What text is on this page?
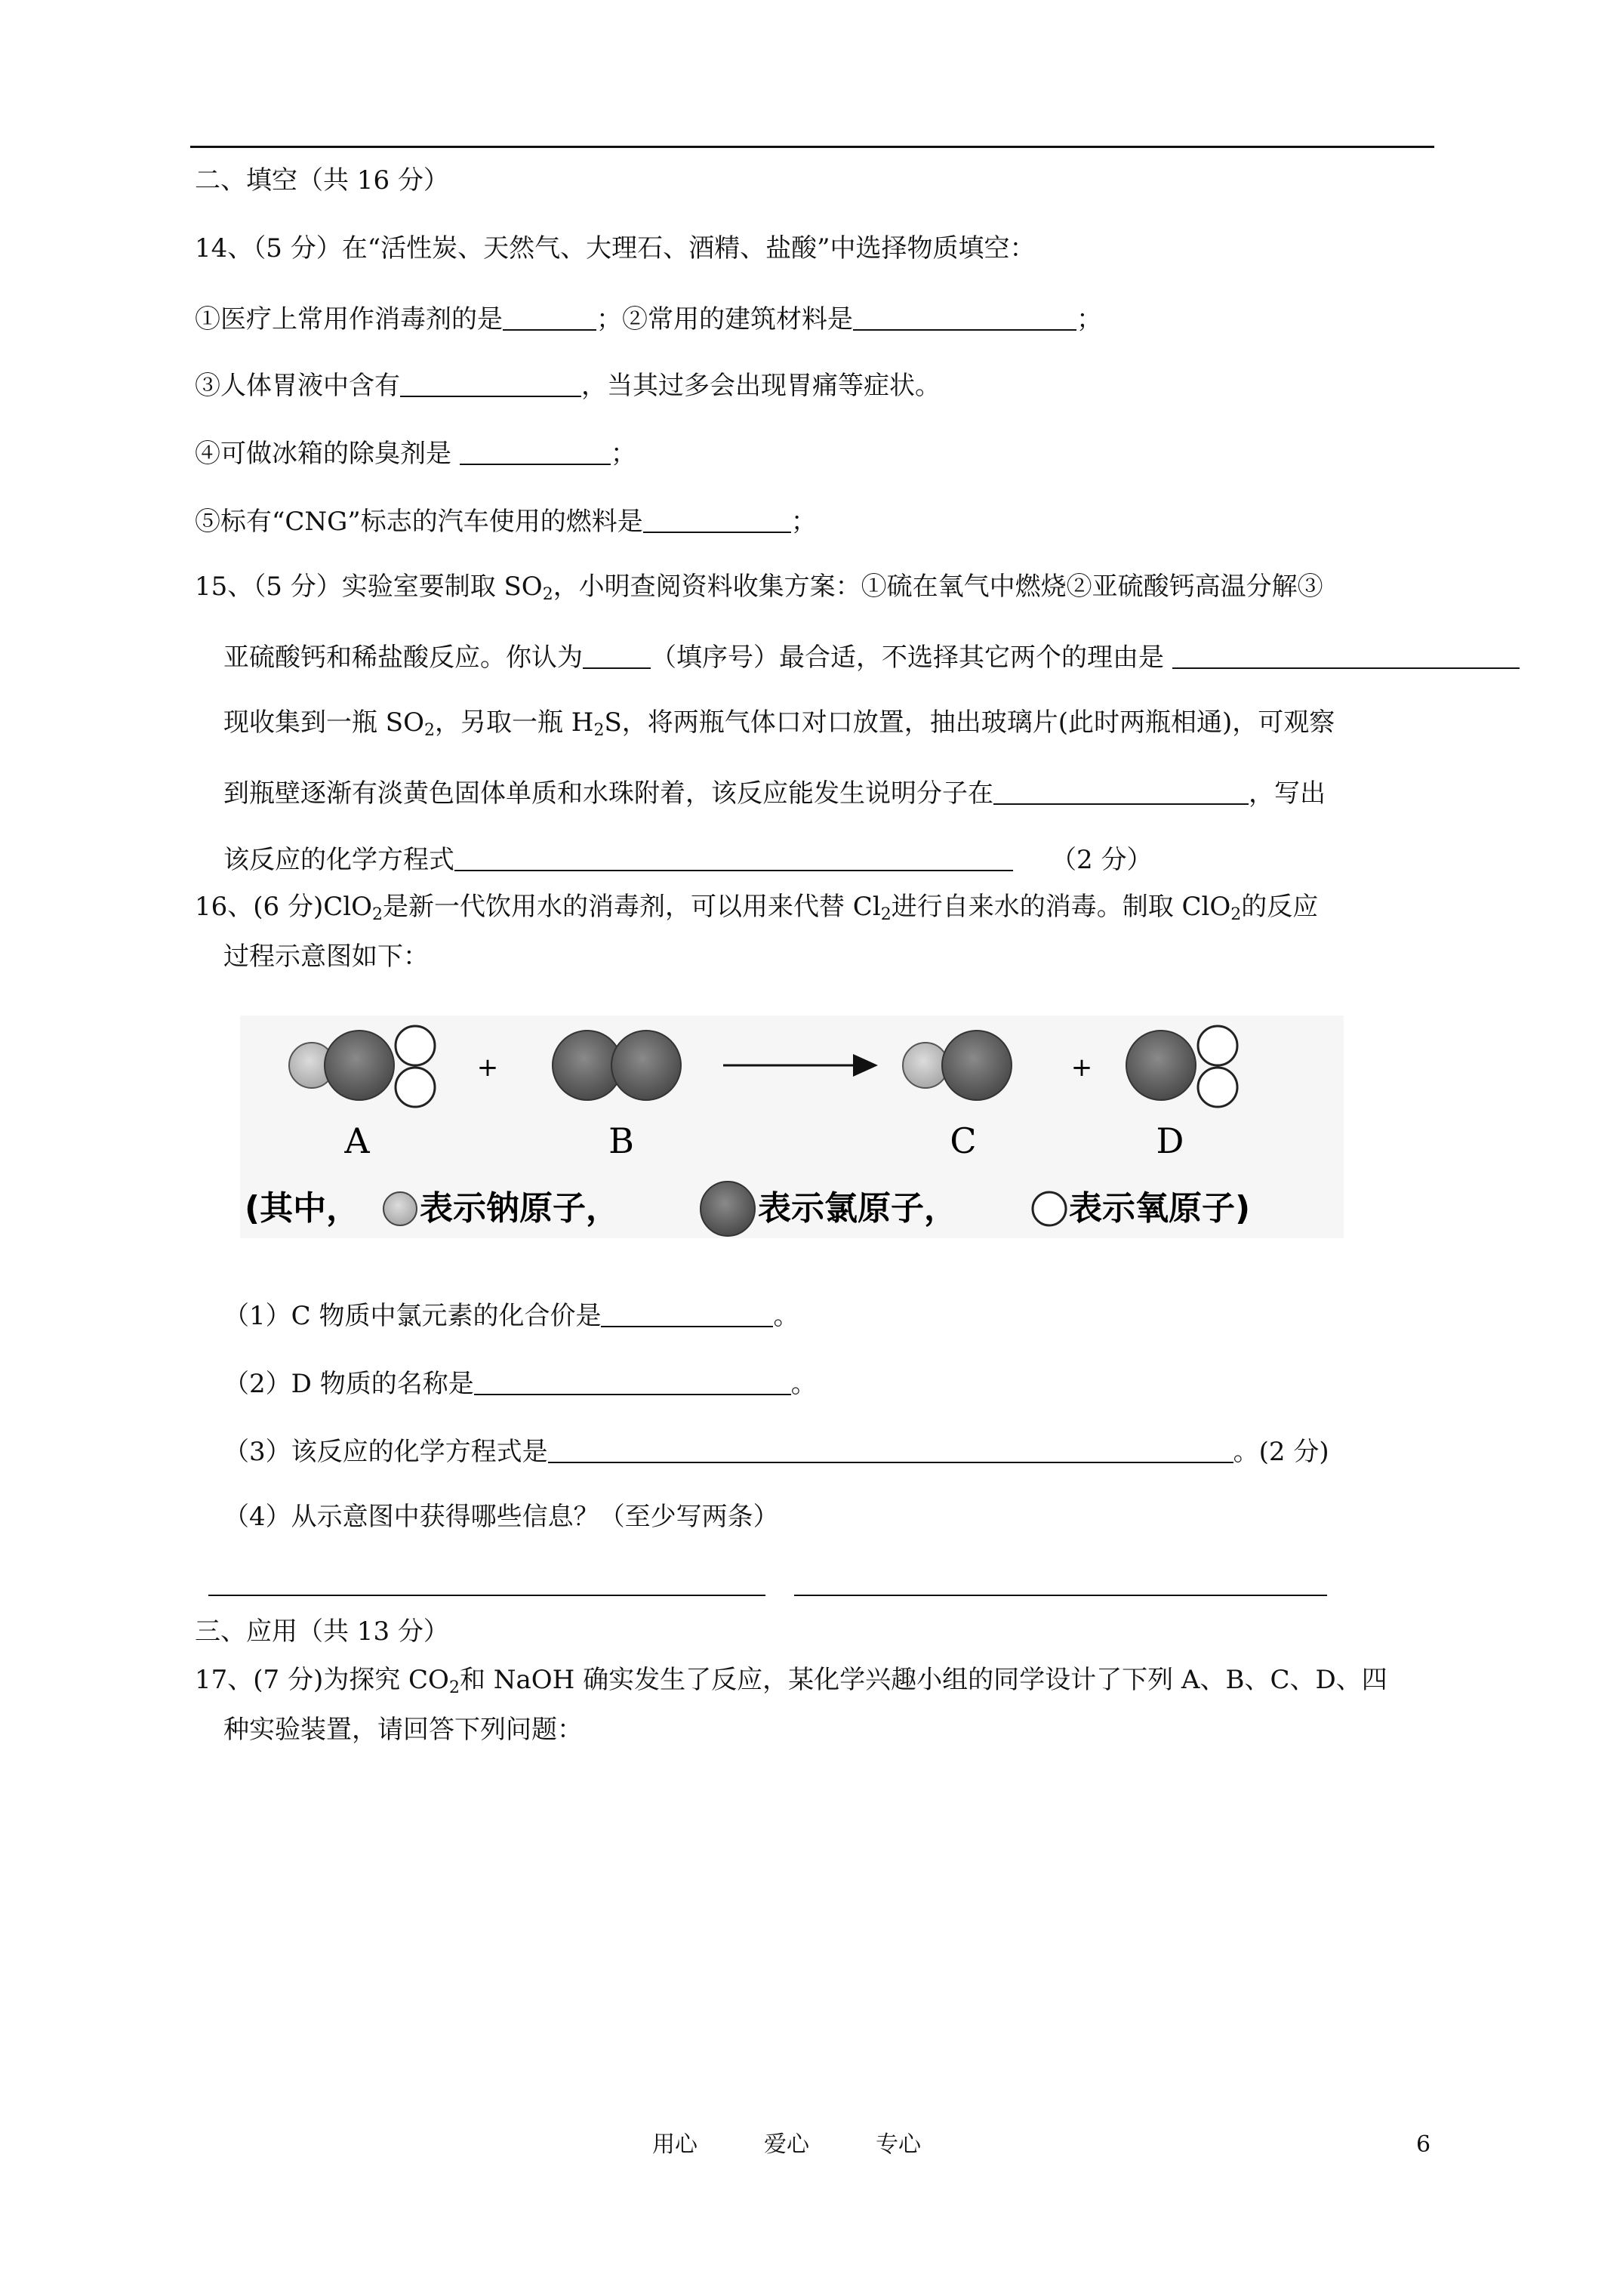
二、填空（共 16 分）
14、（5 分）在“活性炭、天然气、大理石、酒精、盐酸”中选择物质填空：
①医疗上常用作消毒剂的是	；②常用的建筑材料是	；
③人体胃液中含有	，当其过多会出现胃痛等症状。
④可做冰箱的除臭剂是	；
⑤标有“CNG”标志的汽车使用的燃料是	；
15、（5 分）实验室要制取 $SO_2$，小明查阅资料收集方案：①硫在氧气中燃烧②亚硫酸钙高温分解③
亚硫酸钙和稀盐酸反应。你认为	（填序号）最合适，不选择其它两个的理由是
现收集到一瓶 $SO_2$，另取一瓶 $H_2S$，将两瓶气体口对口放置，抽出玻璃片(此时两瓶相通)，可观察
到瓶壁逐渐有淡黄色固体单质和水珠附着，该反应能发生说明分子在	，写出
该反应的化学方程式	（2 分）
16、(6 分)ClO$_2$是新一代饮用水的消毒剂，可以用来代替 $Cl_2$进行自来水的消毒。制取 ClO$_2$的反应
过程示意图如下：
+	+
A	B	C	D
(其中， 表示钠原子，	表示氯原子，	表示氧原子)
（1）C 物质中氯元素的化合价是	。
（2）D 物质的名称是	。
（3）该反应的化学方程式是	。(2 分)
（4）从示意图中获得哪些信息？（至少写两条）
三、应用（共 13 分）
17、(7 分)为探究 $CO_2$和 NaOH 确实发生了反应，某化学兴趣小组的同学设计了下列 A、B、C、D、四
种实验装置，请回答下列问题：
用心	爱心	专心	6
